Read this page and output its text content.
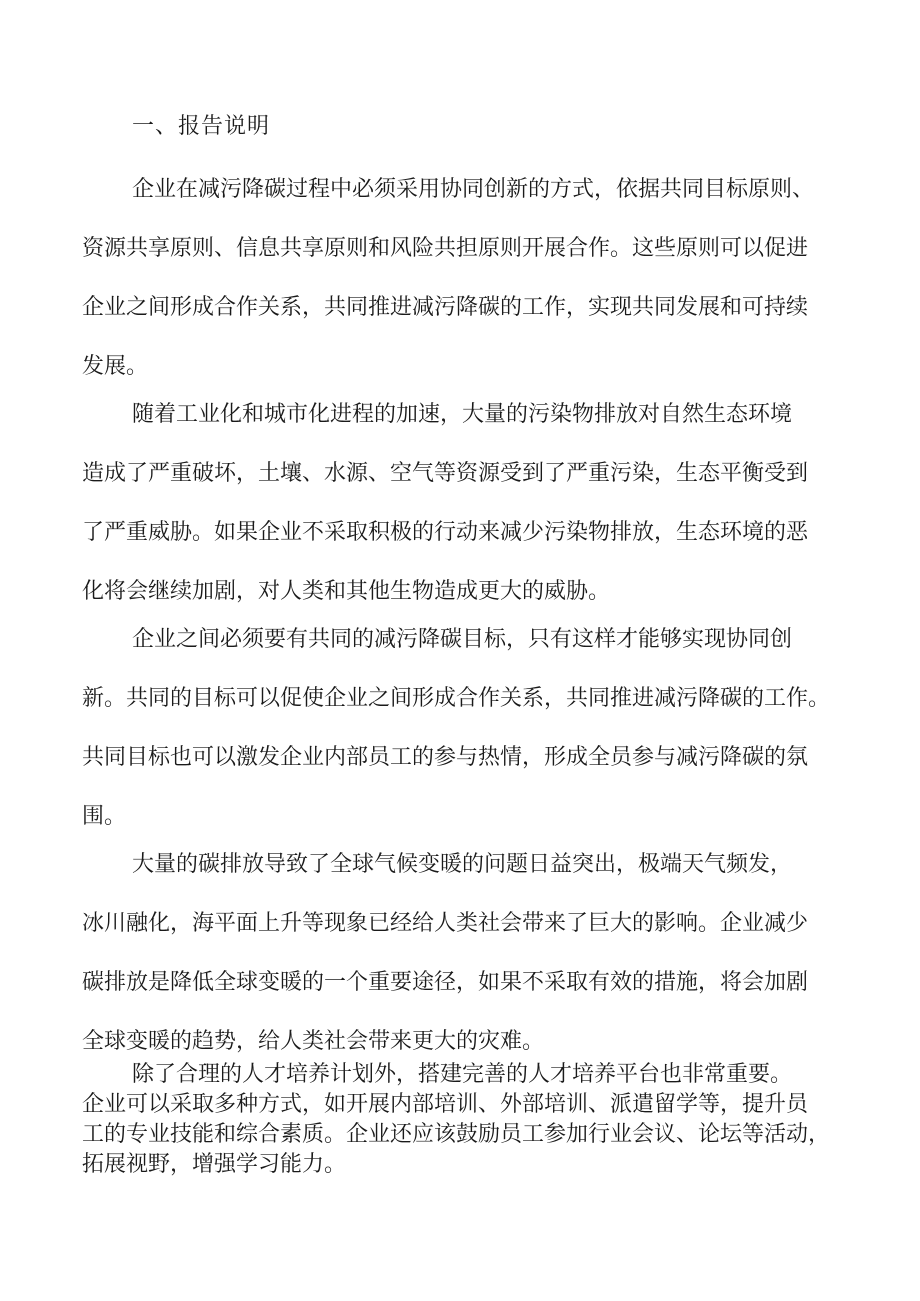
一、报告说明
企业在减污降碳过程中必须采用协同创新的方式，依据共同目标原则、
资源共享原则、信息共享原则和风险共担原则开展合作。这些原则可以促进
企业之间形成合作关系，共同推进减污降碳的工作，实现共同发展和可持续
发展。
随着工业化和城市化进程的加速，大量的污染物排放对自然生态环境
造成了严重破坏，土壤、水源、空气等资源受到了严重污染，生态平衡受到
了严重威胁。如果企业不采取积极的行动来减少污染物排放，生态环境的恶
化将会继续加剧，对人类和其他生物造成更大的威胁。
企业之间必须要有共同的减污降碳目标，只有这样才能够实现协同创
新。共同的目标可以促使企业之间形成合作关系，共同推进减污降碳的工作。
共同目标也可以激发企业内部员工的参与热情，形成全员参与减污降碳的氛
围。
大量的碳排放导致了全球气候变暖的问题日益突出，极端天气频发，
冰川融化，海平面上升等现象已经给人类社会带来了巨大的影响。企业减少
碳排放是降低全球变暖的一个重要途径，如果不采取有效的措施，将会加剧
全球变暖的趋势，给人类社会带来更大的灾难。
除了合理的人才培养计划外，搭建完善的人才培养平台也非常重要。
企业可以采取多种方式，如开展内部培训、外部培训、派遣留学等，提升员
工的专业技能和综合素质。企业还应该鼓励员工参加行业会议、论坛等活动，
拓展视野，增强学习能力。
